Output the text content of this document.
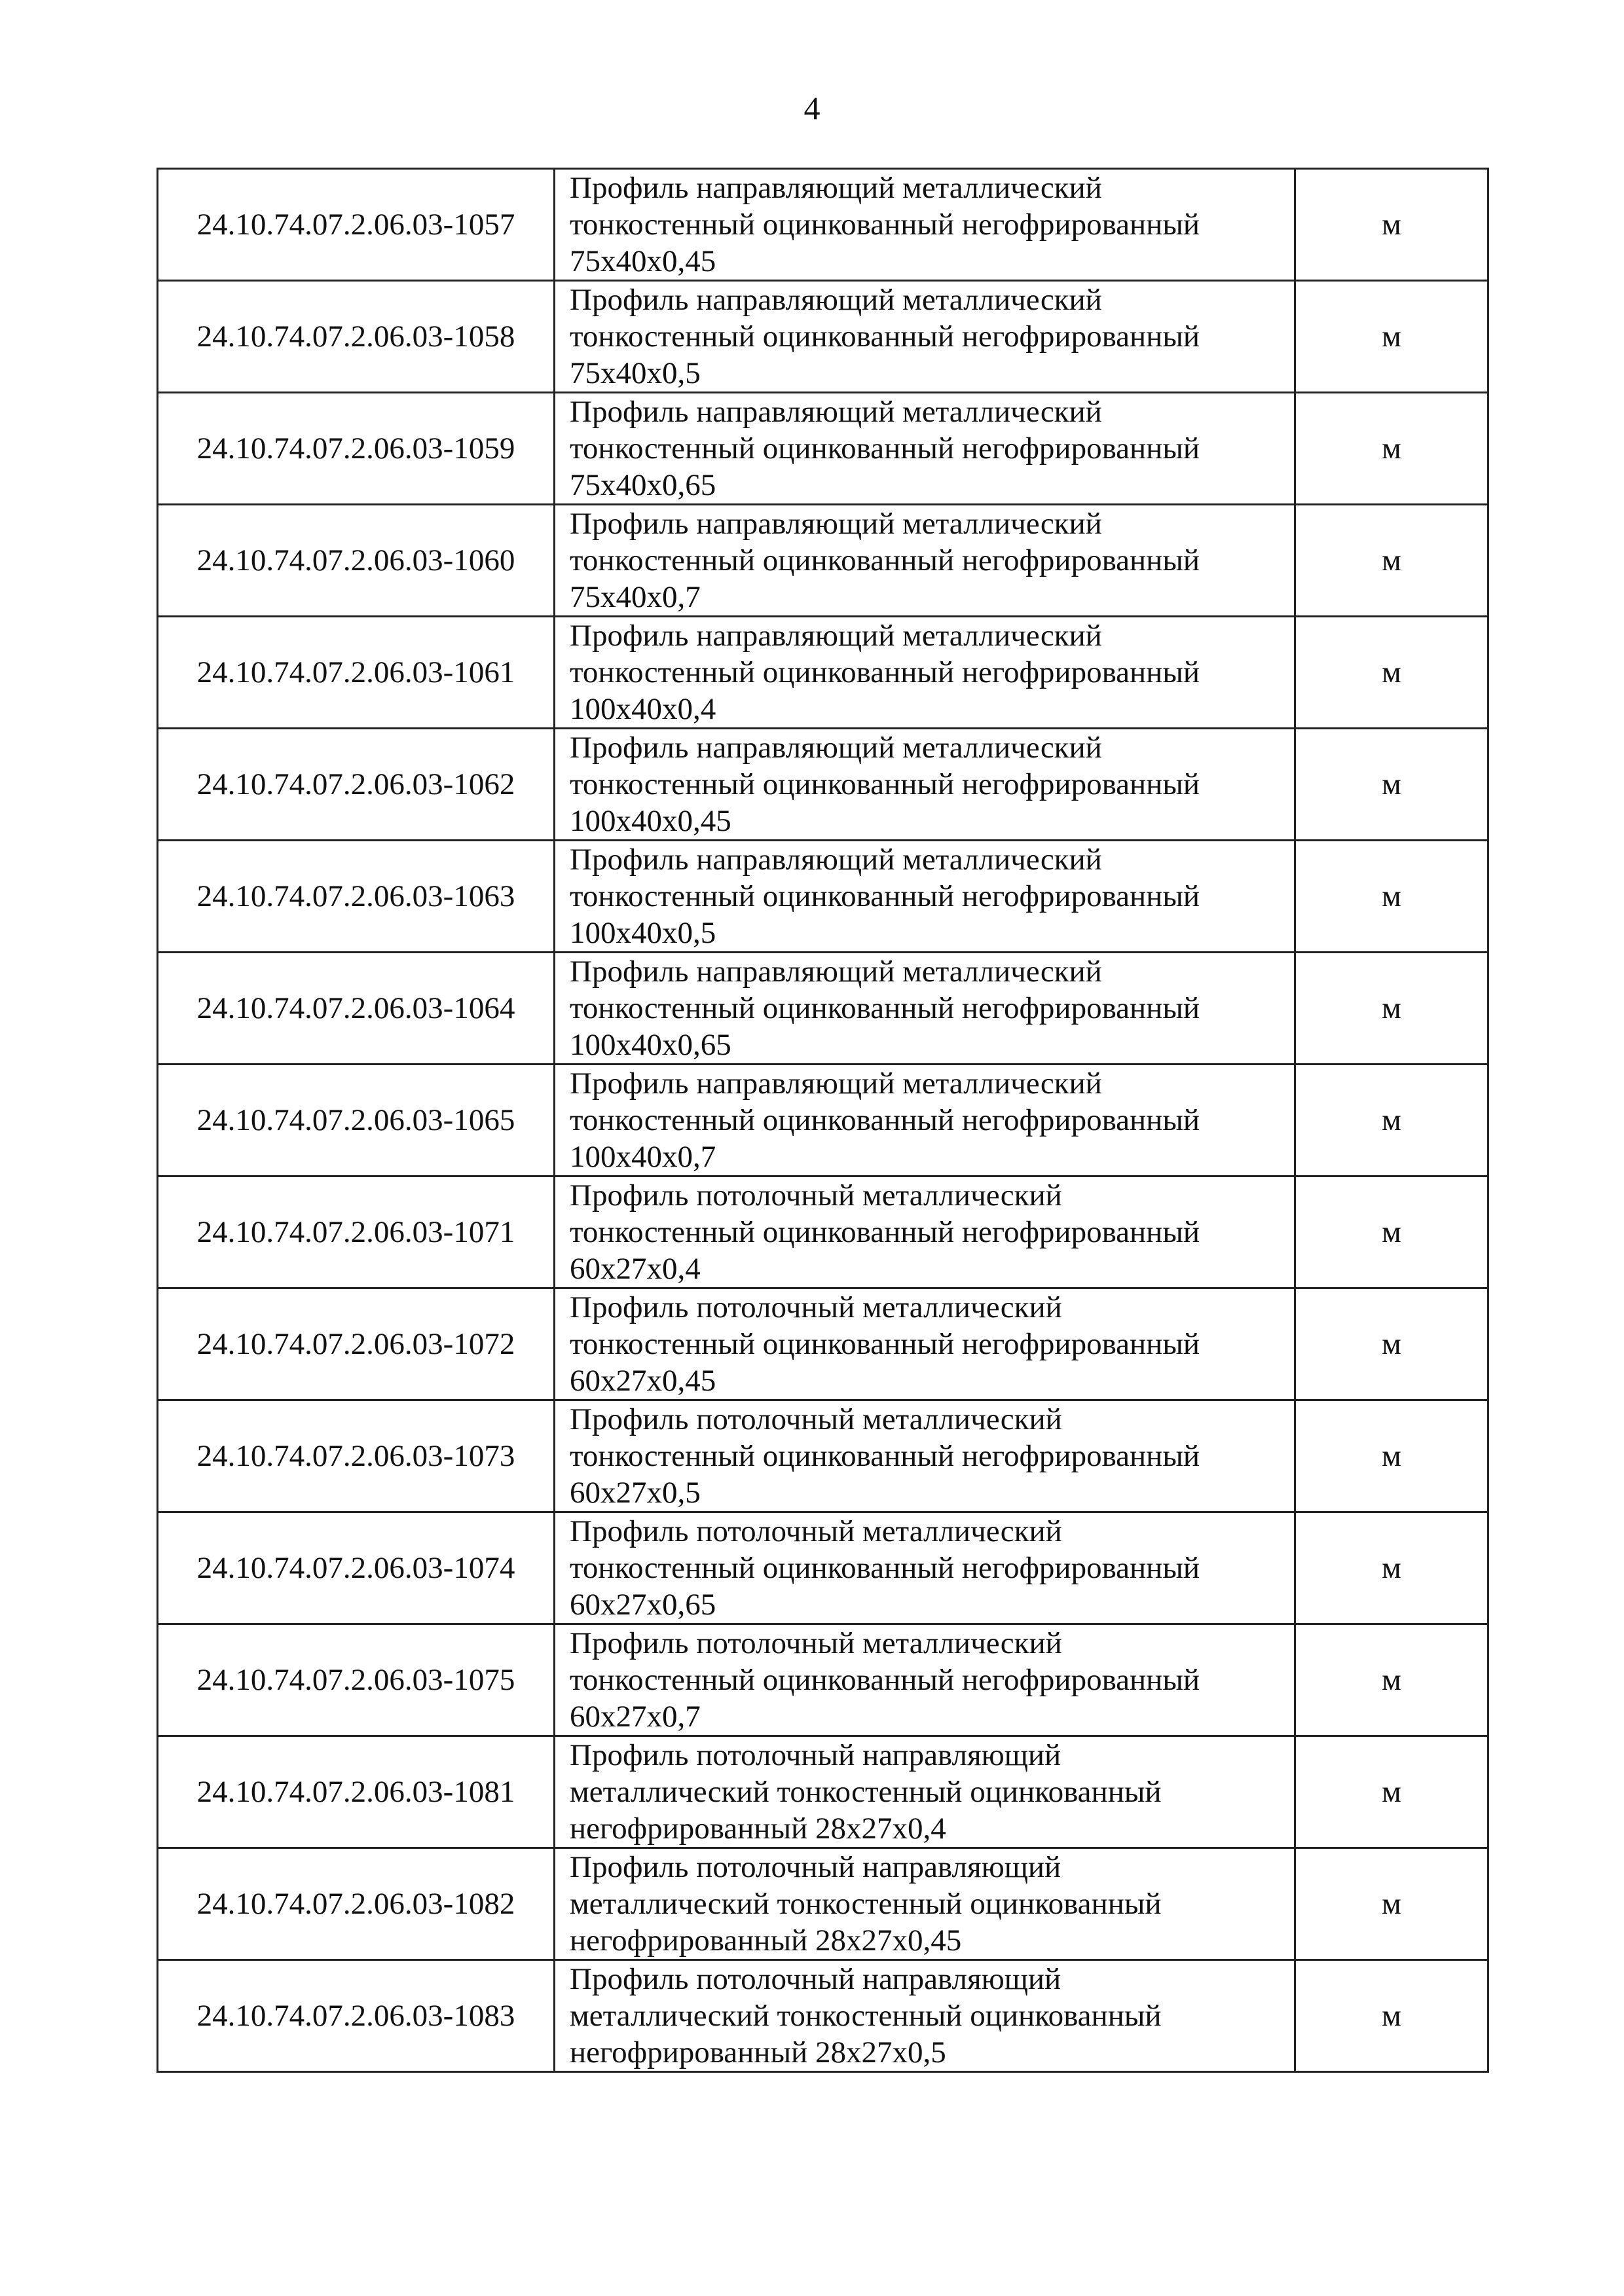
4
24.10.74.07.2.06.03-1057	Профиль направляющий металлический
тонкостенный оцинкованный негофрированный
75х40х0,45	м
24.10.74.07.2.06.03-1058	Профиль направляющий металлический
тонкостенный оцинкованный негофрированный
75х40х0,5	м
24.10.74.07.2.06.03-1059	Профиль направляющий металлический
тонкостенный оцинкованный негофрированный
75х40х0,65	м
24.10.74.07.2.06.03-1060	Профиль направляющий металлический
тонкостенный оцинкованный негофрированный
75х40х0,7	м
24.10.74.07.2.06.03-1061	Профиль направляющий металлический
тонкостенный оцинкованный негофрированный
100х40х0,4	м
24.10.74.07.2.06.03-1062	Профиль направляющий металлический
тонкостенный оцинкованный негофрированный
100х40х0,45	м
24.10.74.07.2.06.03-1063	Профиль направляющий металлический
тонкостенный оцинкованный негофрированный
100х40х0,5	м
24.10.74.07.2.06.03-1064	Профиль направляющий металлический
тонкостенный оцинкованный негофрированный
100х40х0,65	м
24.10.74.07.2.06.03-1065	Профиль направляющий металлический
тонкостенный оцинкованный негофрированный
100х40х0,7	м
24.10.74.07.2.06.03-1071	Профиль потолочный металлический
тонкостенный оцинкованный негофрированный
60х27х0,4	м
24.10.74.07.2.06.03-1072	Профиль потолочный металлический
тонкостенный оцинкованный негофрированный
60х27х0,45	м
24.10.74.07.2.06.03-1073	Профиль потолочный металлический
тонкостенный оцинкованный негофрированный
60х27х0,5	м
24.10.74.07.2.06.03-1074	Профиль потолочный металлический
тонкостенный оцинкованный негофрированный
60х27х0,65	м
24.10.74.07.2.06.03-1075	Профиль потолочный металлический
тонкостенный оцинкованный негофрированный
60х27х0,7	м
24.10.74.07.2.06.03-1081	Профиль потолочный направляющий
металлический тонкостенный оцинкованный
негофрированный 28х27х0,4	м
24.10.74.07.2.06.03-1082	Профиль потолочный направляющий
металлический тонкостенный оцинкованный
негофрированный 28х27х0,45	м
24.10.74.07.2.06.03-1083	Профиль потолочный направляющий
металлический тонкостенный оцинкованный
негофрированный 28х27х0,5	м
